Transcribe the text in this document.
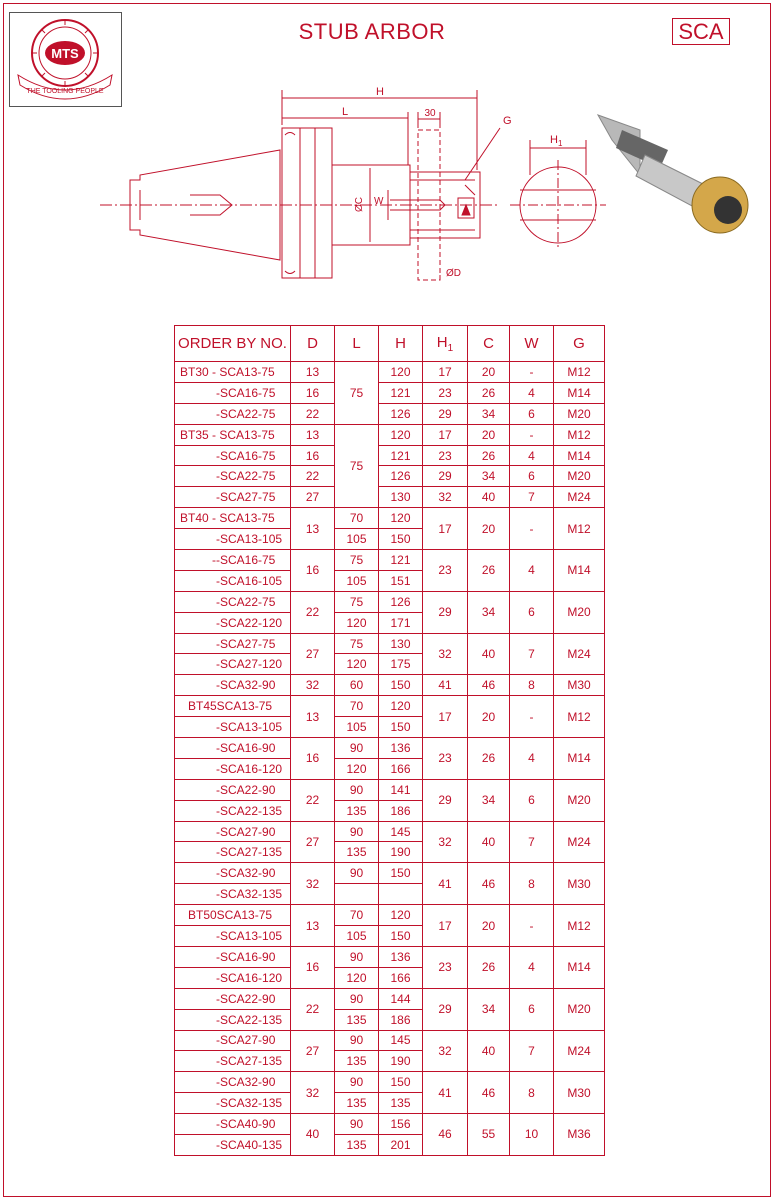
MTS
THE TOOLING PEOPLE
STUB ARBOR	SCA
H
L	30
G
$H_1$
ØC W
ØD
ORDER BY NO.	D	L	H	$H_1$	C	W	G
BT30 - SCA13-75	13	75	120	17	20	-	M12
-SCA16-75	16		121	23	26	4	M14
-SCA22-75	22		126	29	34	6	M20
BT35 - SCA13-75	13	75	120	17	20	-	M12
-SCA16-75	16		121	23	26	4	M14
-SCA22-75	22		126	29	34	6	M20
-SCA27-75	27		130	32	40	7	M24
BT40 - SCA13-75	13	70	120	17	20	-	M12
-SCA13-105		105	150				
--SCA16-75	16	75	121	23	26	4	M14
-SCA16-105		105	151				
-SCA22-75	22	75	126	29	34	6	M20
-SCA22-120		120	171				
-SCA27-75	27	75	130	32	40	7	M24
-SCA27-120		120	175				
-SCA32-90	32	60	150	41	46	8	M30
BT45SCA13-75	13	70	120	17	20	-	M12
-SCA13-105		105	150				
-SCA16-90	16	90	136	23	26	4	M14
-SCA16-120		120	166				
-SCA22-90	22	90	141	29	34	6	M20
-SCA22-135		135	186				
-SCA27-90	27	90	145	32	40	7	M24
-SCA27-135		135	190				
-SCA32-90	32	90	150	41	46	8	M30
-SCA32-135							
BT50SCA13-75	13	70	120	17	20	-	M12
-SCA13-105		105	150				
-SCA16-90	16	90	136	23	26	4	M14
-SCA16-120		120	166				
-SCA22-90	22	90	144	29	34	6	M20
-SCA22-135		135	186				
-SCA27-90	27	90	145	32	40	7	M24
-SCA27-135		135	190				
-SCA32-90	32	90	150	41	46	8	M30
-SCA32-135		135	135				
-SCA40-90	40	90	156	46	55	10	M36
-SCA40-135		135	201				
